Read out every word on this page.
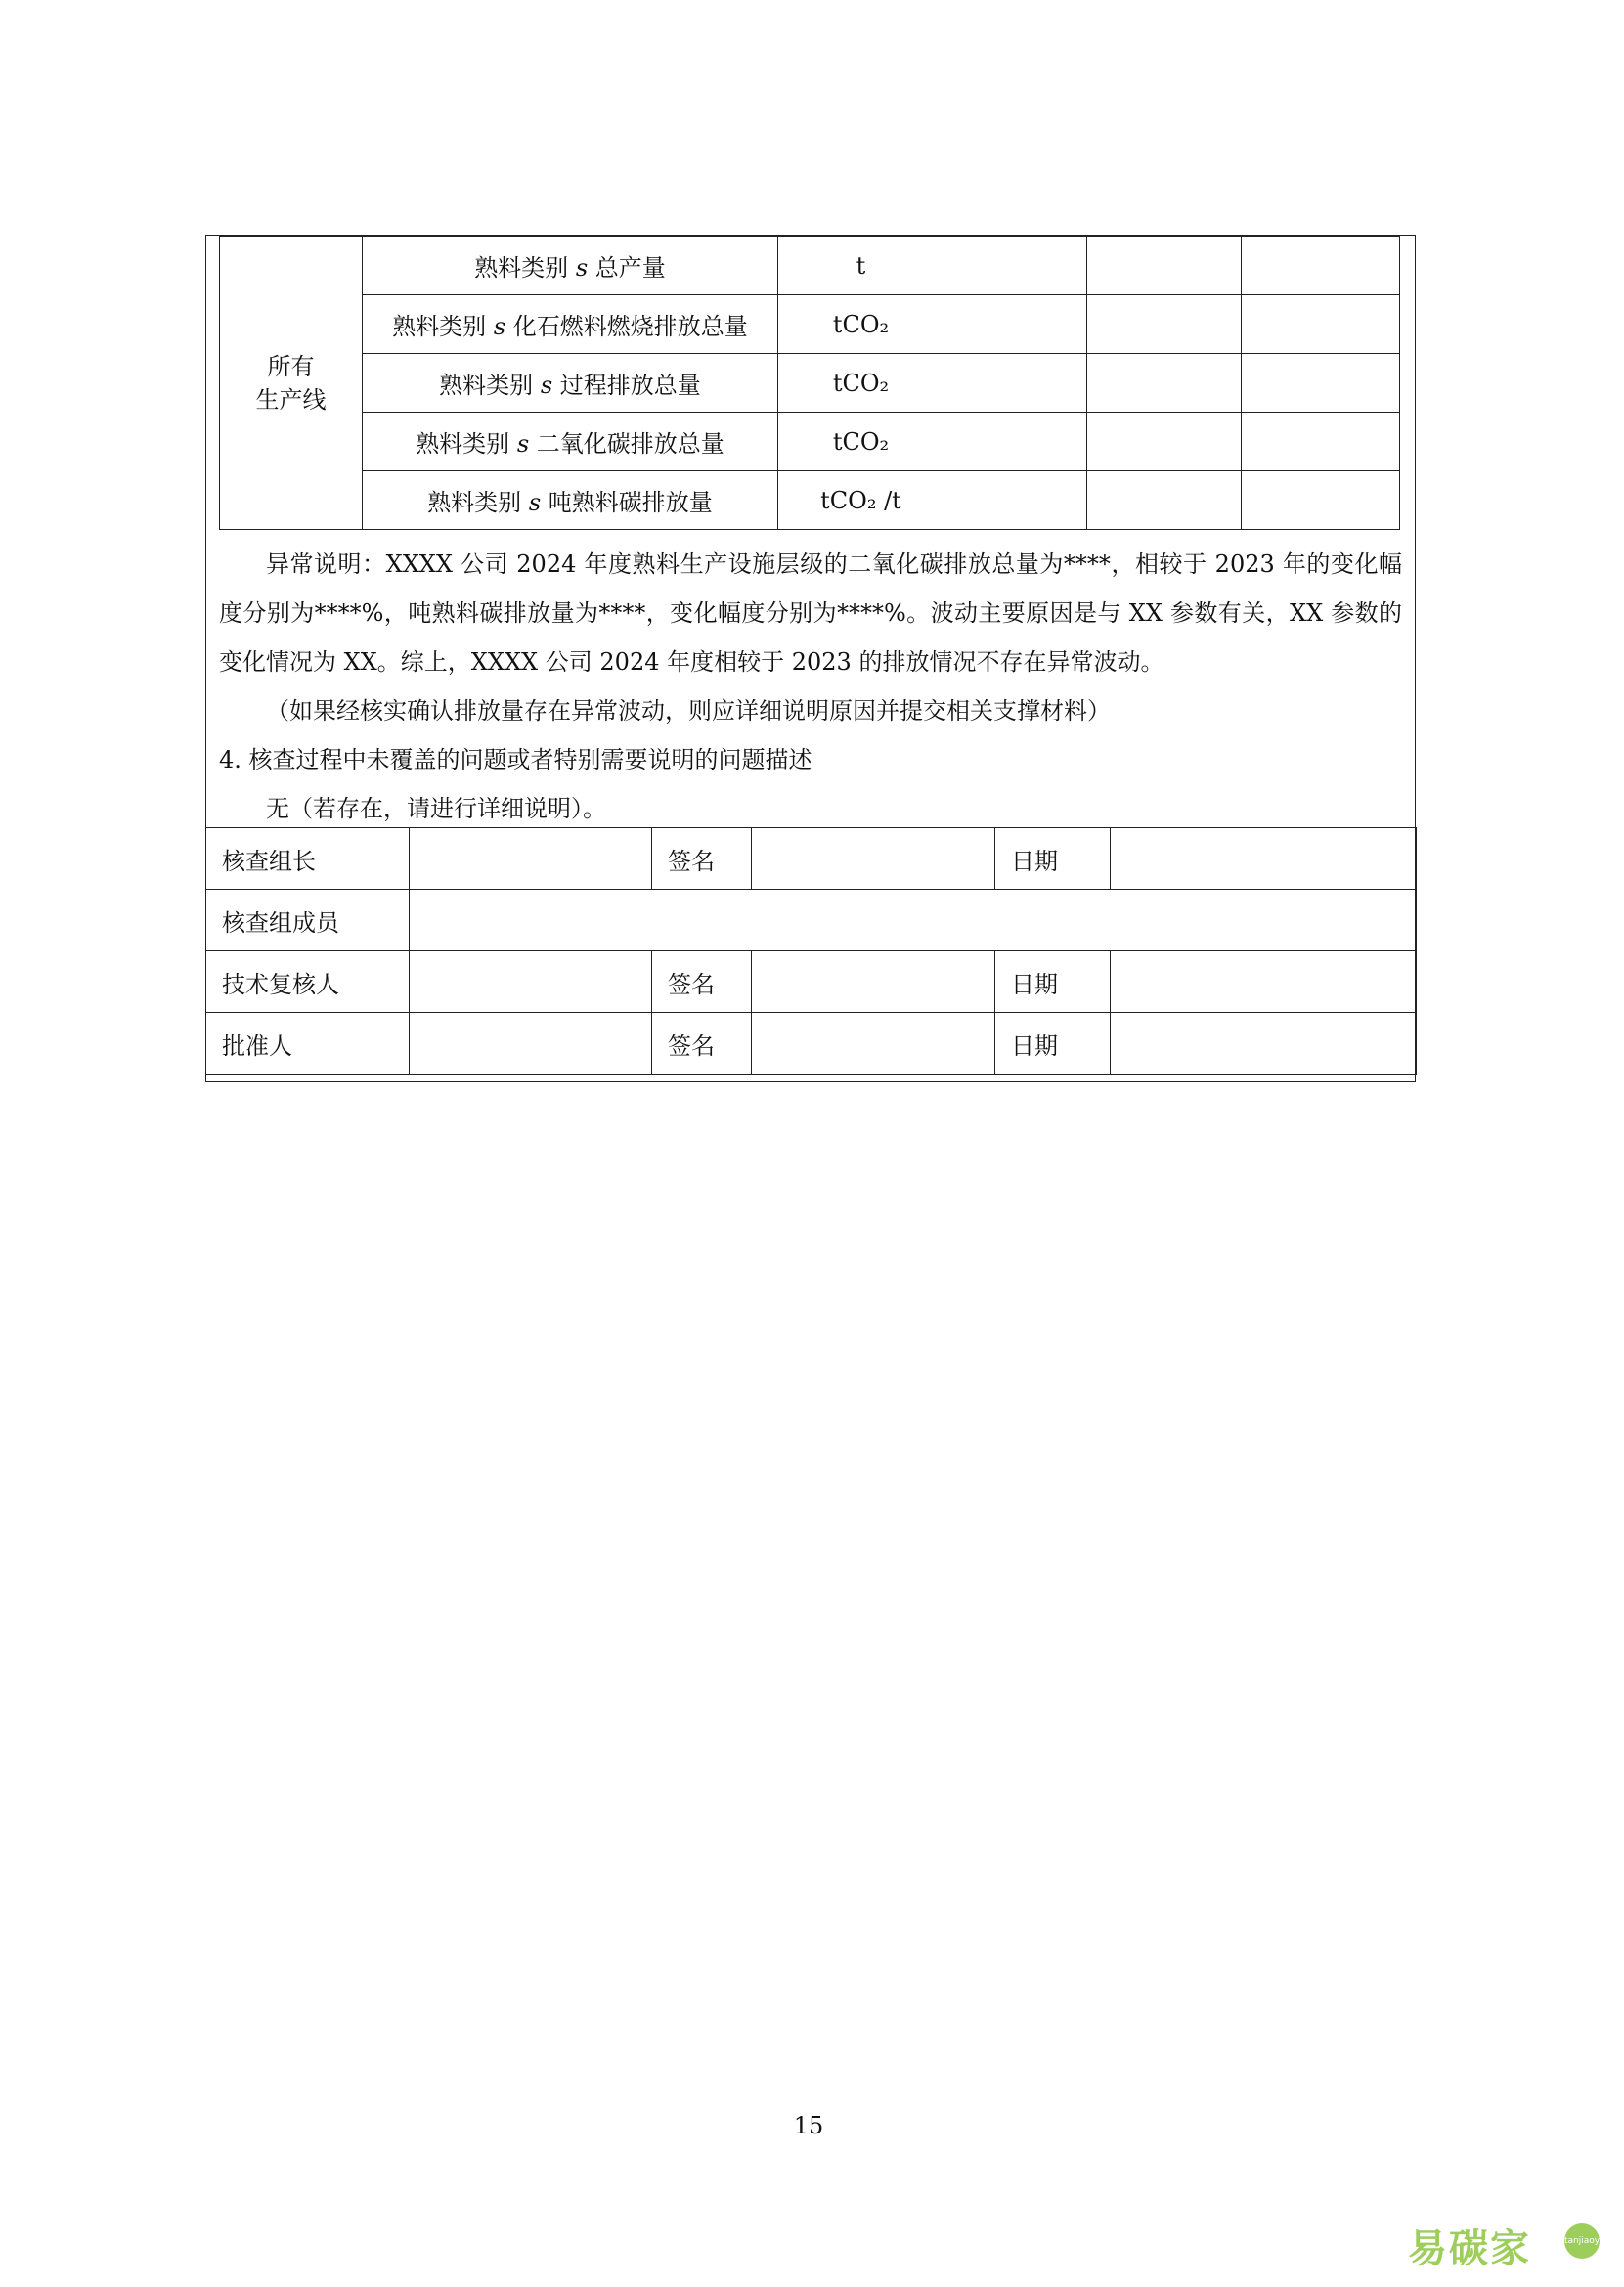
所有
生产线	熟料类别 s 总产量	t			
	熟料类别 s 化石燃料燃烧排放总量	tCO₂			
	熟料类别 s 过程排放总量	tCO₂			
	熟料类别 s 二氧化碳排放总量	tCO₂			
	熟料类别 s 吨熟料碳排放量	tCO₂ /t			

异常说明：XXXX 公司 2024 年度熟料生产设施层级的二氧化碳排放总量为****，相较于 2023 年的变化幅度分别为****%，吨熟料碳排放量为****，变化幅度分别为****%。波动主要原因是与 XX 参数有关，XX 参数的变化情况为 XX。综上，XXXX 公司 2024 年度相较于 2023 的排放情况不存在异常波动。

（如果经核实确认排放量存在异常波动，则应详细说明原因并提交相关支撑材料）

4. 核查过程中未覆盖的问题或者特别需要说明的问题描述

无（若存在，请进行详细说明）。

核查组长		签名		日期	
核查组成员					
技术复核人		签名		日期	
批准人		签名		日期	
15
易碳家	tanjiaoyi.com
